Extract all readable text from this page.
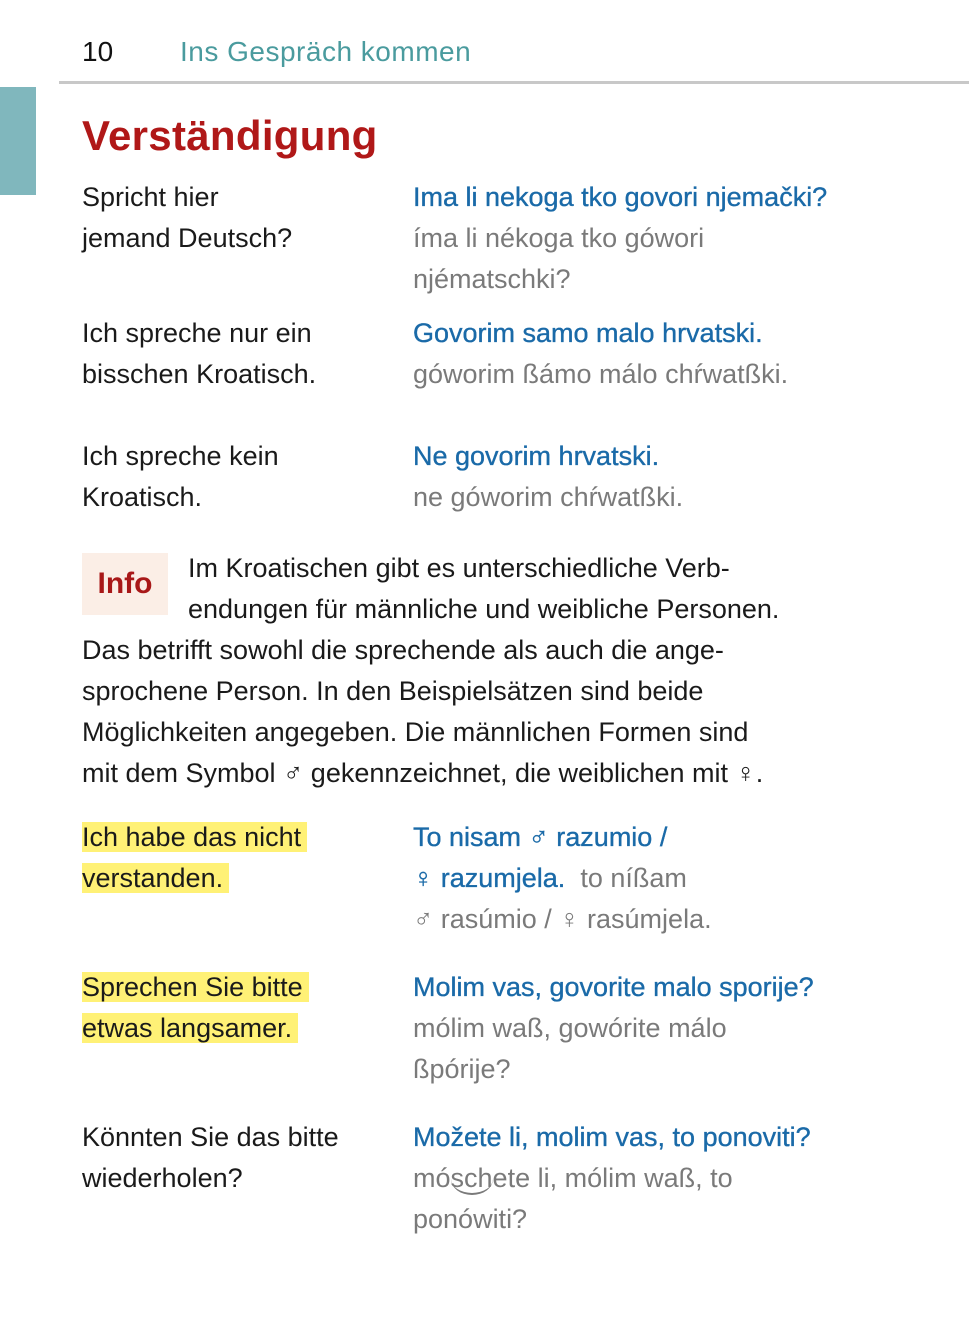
10 Ins Gespräch kommen
Verständigung
Spricht hier
jemand Deutsch?
Ima li nekoga tko govori njemački?
íma li nékoga tko gówori
njématschki?
Ich spreche nur ein
bisschen Kroatisch.
Govorim samo malo hrvatski.
góworim ßámo málo chŕwatßki.
Ich spreche kein
Kroatisch.
Ne govorim hrvatski.
ne góworim chŕwatßki.
Info	Im Kroatischen gibt es unterschiedliche Verb-
endungen für männliche und weibliche Personen.
Das betrifft sowohl die sprechende als auch die ange-
sprochene Person. In den Beispielsätzen sind beide
Möglichkeiten angegeben. Die männlichen Formen sind
mit dem Symbol ♂ gekennzeichnet, die weiblichen mit ♀.
Ich habe das nicht
verstanden.
To nisam ♂ razumio /
♀ razumjela. to níßam
♂ rasúmio / ♀ rasúmjela.
Sprechen Sie bitte
etwas langsamer.
Molim vas, govorite malo sporije?
mólim waß, gowórite málo
ßpórije?
Könnten Sie das bitte
wiederholen?
Možete li, molim vas, to ponoviti?
móschete li, mólim waß, to
ponówiti?
